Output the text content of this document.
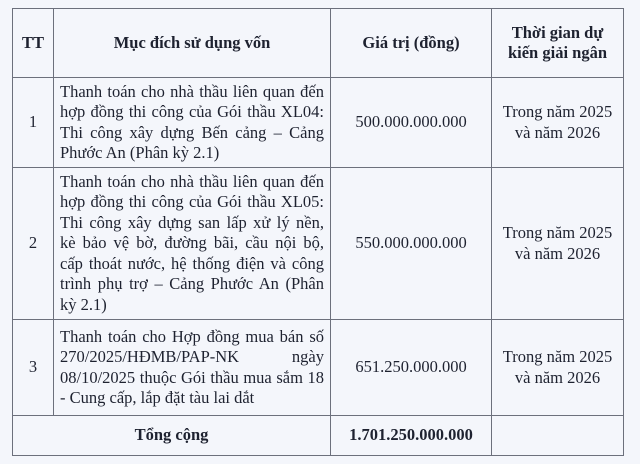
TT	Mục đích sử dụng vốn	Giá trị (đồng)	Thời gian dự kiến giải ngân
1	Thanh toán cho nhà thầu liên quan đến hợp đồng thi công của Gói thầu XL04: Thi công xây dựng Bến cảng – Cảng Phước An (Phân kỳ 2.1)	500.000.000.000	Trong năm 2025 và năm 2026
2	Thanh toán cho nhà thầu liên quan đến hợp đồng thi công của Gói thầu XL05: Thi công xây dựng san lấp xử lý nền, kè bảo vệ bờ, đường bãi, cầu nội bộ, cấp thoát nước, hệ thống điện và công trình phụ trợ – Cảng Phước An (Phân kỳ 2.1)	550.000.000.000	Trong năm 2025 và năm 2026
3	Thanh toán cho Hợp đồng mua bán số 270/2025/HĐMB/PAP-NK ngày 08/10/2025 thuộc Gói thầu mua sắm 18 - Cung cấp, lắp đặt tàu lai dắt	651.250.000.000	Trong năm 2025 và năm 2026
Tổng cộng		1.701.250.000.000	
